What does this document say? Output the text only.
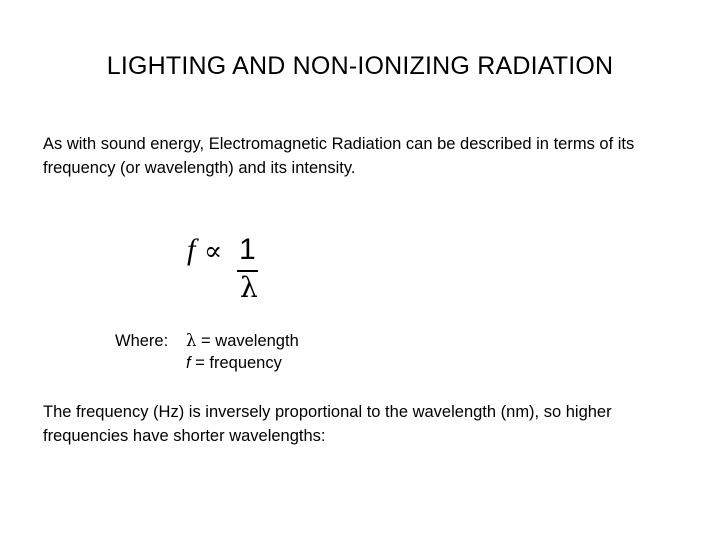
LIGHTING AND NON-IONIZING RADIATION

As with sound energy, Electromagnetic Radiation can be described in terms of its frequency (or wavelength) and its intensity.

f ∝ 1
λ
Where: λ = wavelength
f = frequency

The frequency (Hz) is inversely proportional to the wavelength (nm), so higher frequencies have shorter wavelengths:
